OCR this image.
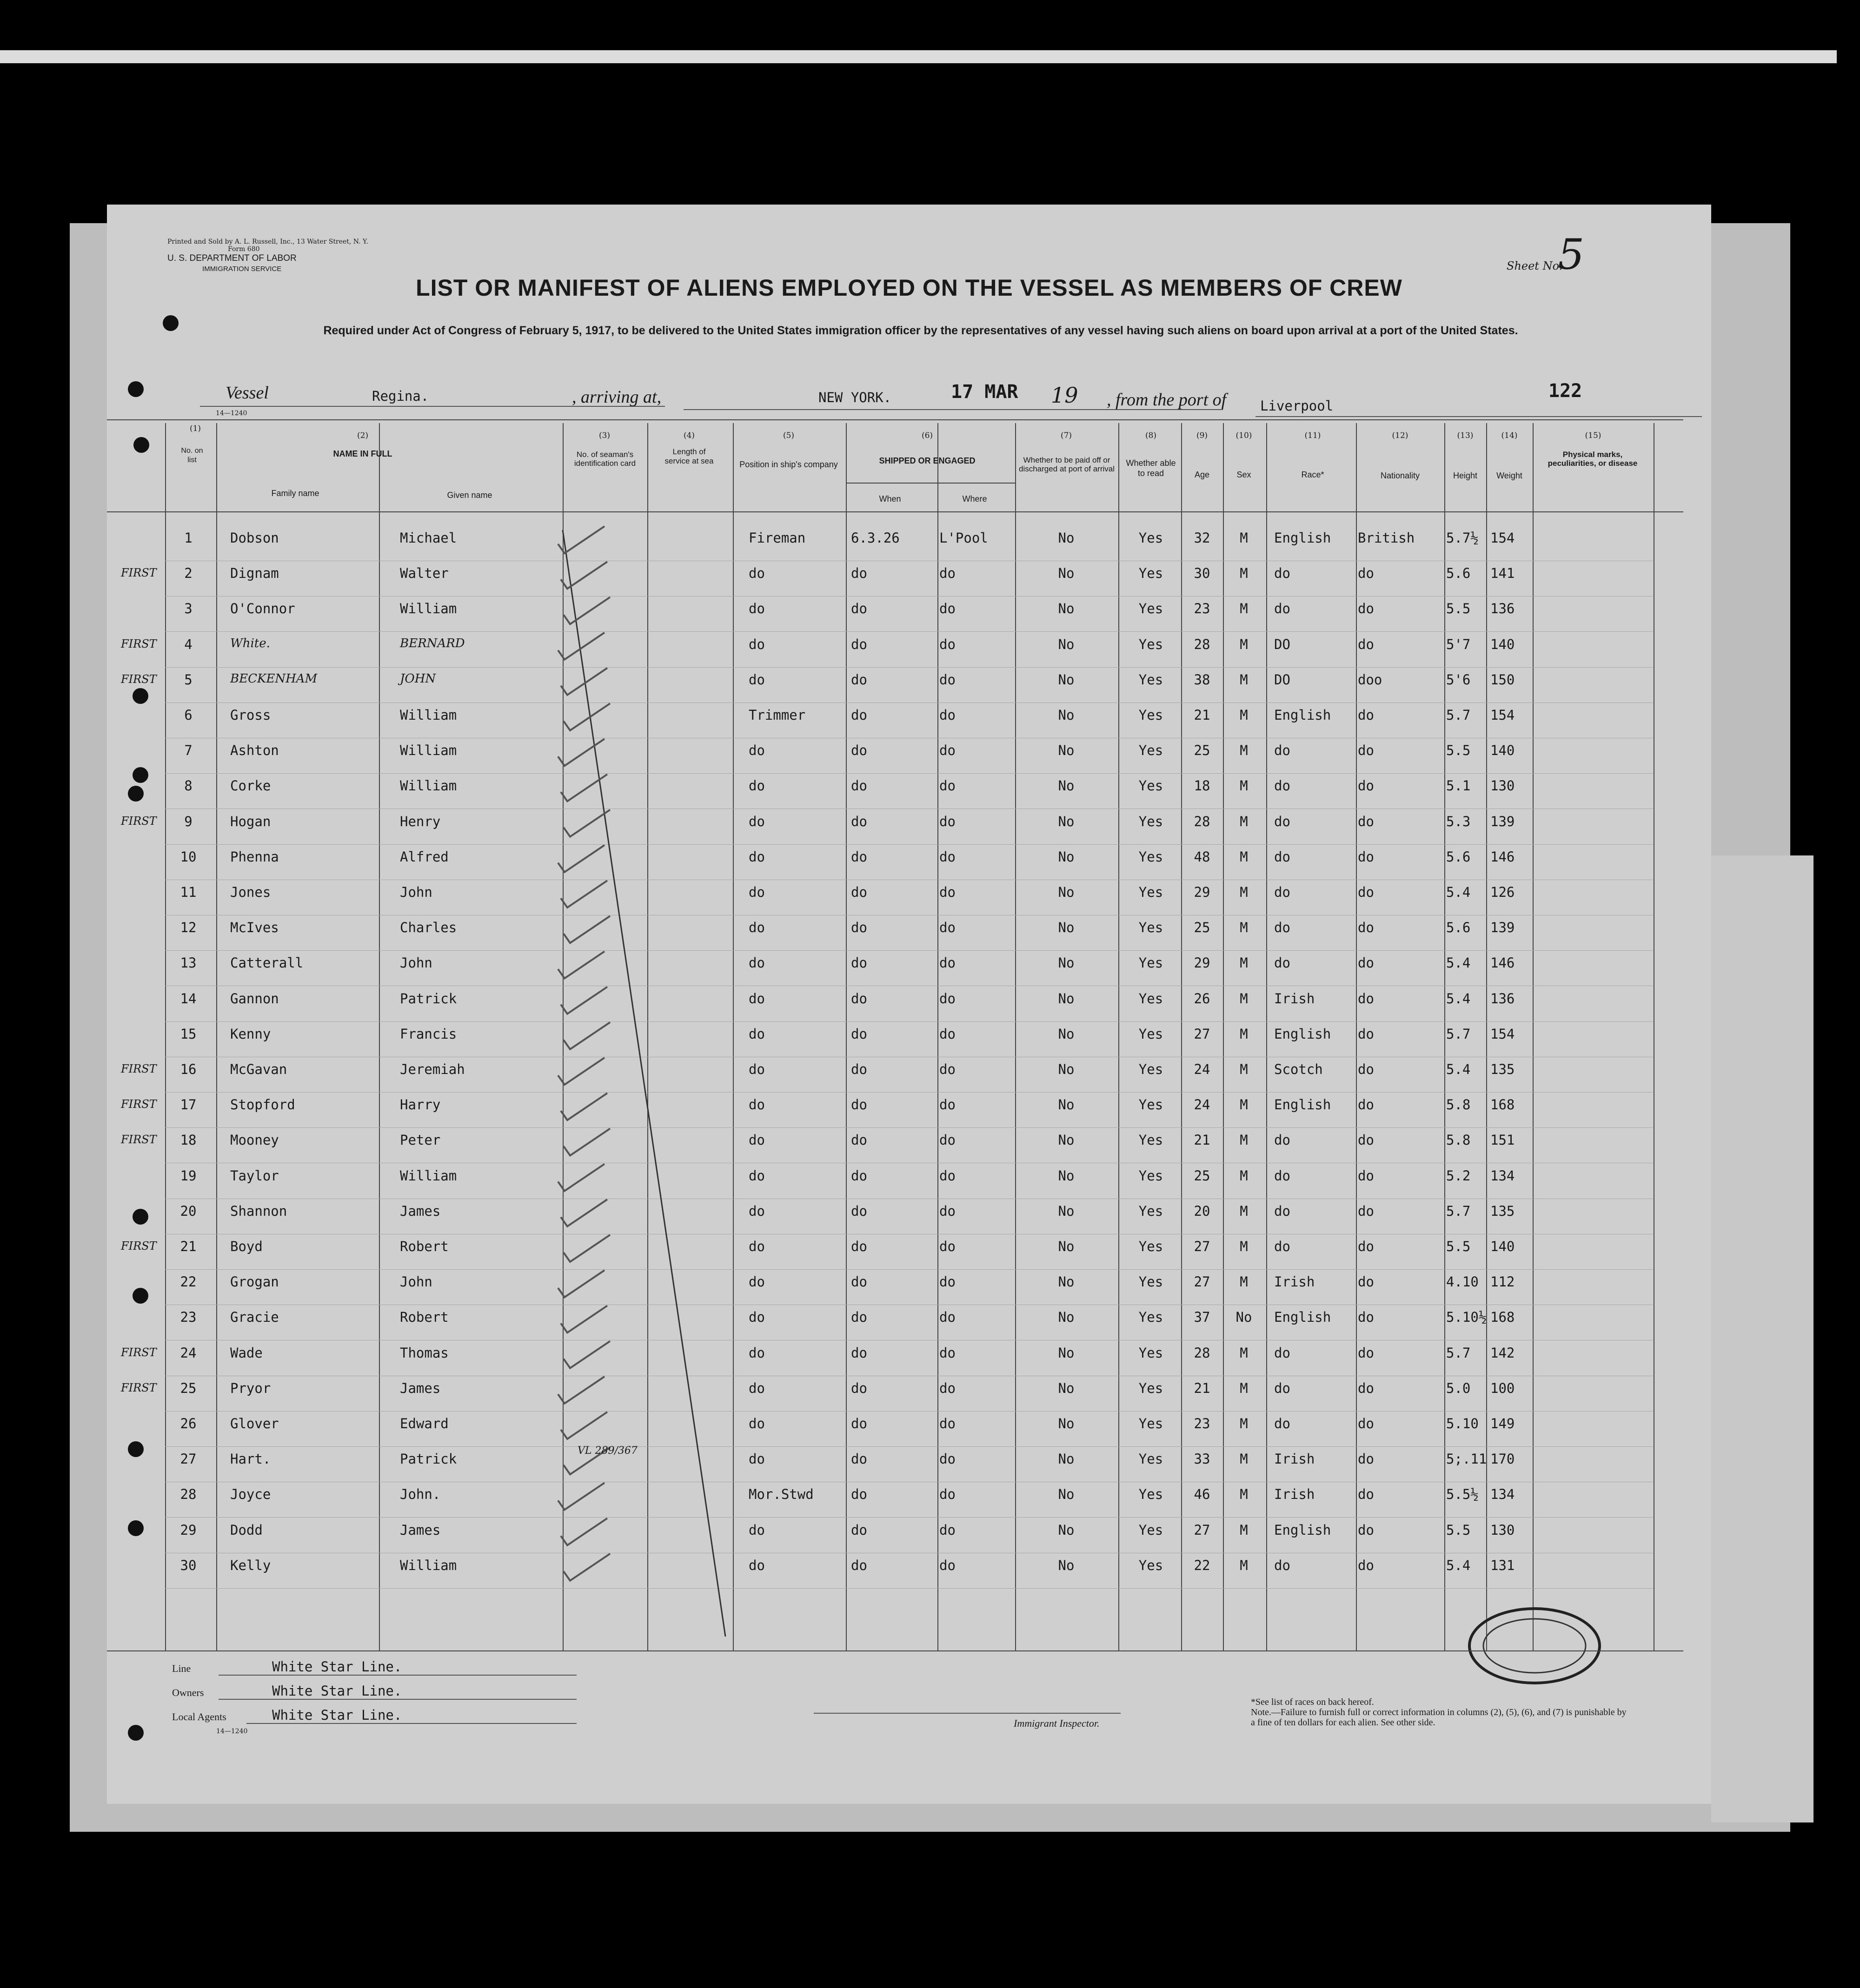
Printed and Sold by A. L. Russell, Inc., 13 Water Street, N. Y.
Form 680
U. S. DEPARTMENT OF LABOR
IMMIGRATION SERVICE	Sheet No.
5
LIST OR MANIFEST OF ALIENS EMPLOYED ON THE VESSEL AS MEMBERS OF CREW
Required under Act of Congress of February 5, 1917, to be delivered to the United States immigration officer by the representatives of any vessel having such aliens on board upon arrival at a port of the United States.
Vessel	Regina.	, arriving at,	NEW YORK.	17 MAR 19 , from the port of	Liverpool
122
14—1240
(1)
(2)	(3)	(4)	(5)	(6)	(7)	(8)	(9)	(10)	(11)	(12)	(13)	(14)	(15)
No. on list
NAME IN FULL
Family name	Given name
No. of seaman's identification card
Length of service at sea	Position in ship's company	SHIPPED OR ENGAGED
When	Where
Whether to be paid off or discharged at port of arrival
Whether able to read	Age	Sex	Race*	Nationality	Height	Weight
Physical marks, peculiarities, or disease
1	Dobson	Michael	Fireman	6.3.26	L'Pool	No	Yes	32	M	English	British	5.7½ 154
FIRST	2	Dignam	Walter	do	do	do	No	Yes	30	M	do	do	5.6	141
3	O'Connor	William	do	do	do	No	Yes	23	M	do	do	5.5	136
FIRST	4	White.	BERNARD	do	do	do	No	Yes	28	M	DO	do	5'7	140
FIRST	5	BECKENHAM	JOHN	do	do	do	No	Yes	38	M	DO	doo	5'6	150
6	Gross	William	Trimmer	do	do	No	Yes	21	M	English	do	5.7	154
7	Ashton	William	do	do	do	No	Yes	25	M	do	do	5.5	140
8	Corke	William	do	do	do	No	Yes	18	M	do	do	5.1	130
FIRST	9	Hogan	Henry	do	do	do	No	Yes	28	M	do	do	5.3	139
10	Phenna	Alfred	do	do	do	No	Yes	48	M	do	do	5.6	146
11	Jones	John	do	do	do	No	Yes	29	M	do	do	5.4	126
12	McIves	Charles	do	do	do	No	Yes	25	M	do	do	5.6	139
13	Catterall	John	do	do	do	No	Yes	29	M	do	do	5.4	146
14	Gannon	Patrick	do	do	do	No	Yes	26	M	Irish	do	5.4	136
15	Kenny	Francis	do	do	do	No	Yes	27	M	English	do	5.7	154
FIRST	16	McGavan	Jeremiah	do	do	do	No	Yes	24	M	Scotch	do	5.4	135
FIRST	17	Stopford	Harry	do	do	do	No	Yes	24	M	English	do	5.8	168
FIRST	18	Mooney	Peter	do	do	do	No	Yes	21	M	do	do	5.8	151
19	Taylor	William	do	do	do	No	Yes	25	M	do	do	5.2	134
20	Shannon	James	do	do	do	No	Yes	20	M	do	do	5.7	135
FIRST	21	Boyd	Robert	do	do	do	No	Yes	27	M	do	do	5.5	140
22	Grogan	John	do	do	do	No	Yes	27	M	Irish	do	4.10 112
23	Gracie	Robert	do	do	do	No	Yes	37	No	English	do	5.10½ 168
FIRST	24	Wade	Thomas	do	do	do	No	Yes	28	M	do	do	5.7	142
FIRST	25	Pryor	James	do	do	do	No	Yes	21	M	do	do	5.0	100
26	Glover	Edward	do	do	do	No	Yes	23	M	do	do	5.10 149
27	Hart.	Patrick	do	do	do	No	Yes	33	M	Irish	do	5;.11 170
28	Joyce	John.	Mor.Stwd	do	do	No	Yes	46	M	Irish	do	5.5½ 134
29	Dodd	James	do	do	do	No	Yes	27	M	English	do	5.5	130
30	Kelly	William	do	do	do	No	Yes	22	M	do	do	5.4	131
VL 289/367
Line	White Star Line.
Owners	White Star Line.
Local Agents	White Star Line.
14—1240
Immigrant Inspector.
*See list of races on back hereof.
Note.—Failure to furnish full or correct information in columns (2), (5), (6), and (7) is punishable by a fine of ten dollars for each alien. See other side.
